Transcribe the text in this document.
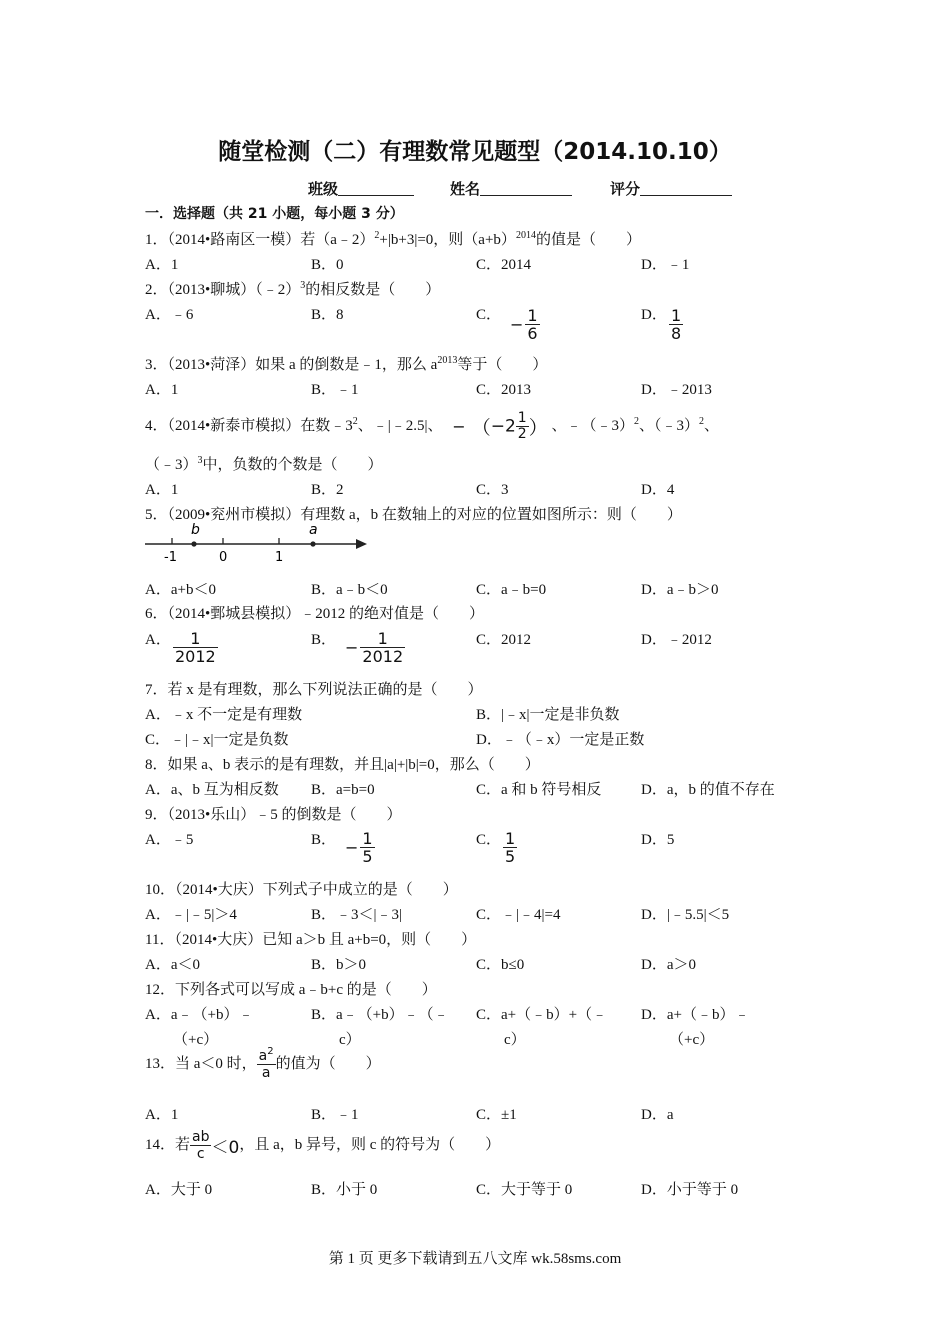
随堂检测（二）有理数常见题型（2014.10.10）
班级	姓名	评分
一．选择题（共 21 小题，每小题 3 分）
1．（2014•路南区一模）若（a﹣2）$^2$+|b+3|=0，则$(a+b)^{2014}$的值是（　　）
A．1	B．0	C．2014	D．﹣1
2．（2013•聊城）（﹣2）$^3$的相反数是（　　）
A．﹣6	B．8	C． − $\frac{1}{6}$	D． $\frac{1}{8}$
3．（2013•菏泽）如果 a 的倒数是﹣1，那么 $a^{2013}$等于（　　）
A．1	B．﹣1	C．2013	D．﹣2013
4．（2014•新泰市模拟）在数$﹣3^2$、﹣|﹣2.5|、 − （$-2 \frac{1}{2}$ ） 、﹣（﹣3）$^2$、（﹣3）$^2$、
（﹣3）$^3$中，负数的个数是（　　）
A．1	B．2	C．3	D．4
5．（2009•兖州市模拟）有理数 a，b 在数轴上的对应的位置如图所示：则（　　）
b	a
-1	0	1
A．a+b＜0	B．a﹣b＜0	C．a﹣b=0	D．a﹣b＞0
6．（2014•鄄城县模拟）﹣2012 的绝对值是（　　）
A． $\frac{1}{2012}$	B． − $\frac{1}{2012}$	C．2012	D．﹣2012
7．若 x 是有理数，那么下列说法正确的是（　　）
A．﹣x 不一定是有理数	B．|﹣x|一定是非负数
C．﹣|﹣x|一定是负数	D．﹣（﹣x）一定是正数
8．如果 a、b 表示的是有理数，并且|a|+|b|=0，那么（　　）
A．a、b 互为相反数 B．a=b=0	C．a 和 b 符号相反	D．a，b 的值不存在
9．（2013•乐山）﹣5 的倒数是（　　）
A．﹣5	B． − $\frac{1}{5}$	C． $\frac{1}{5}$	D．5
10．（2014•大庆）下列式子中成立的是（　　）
A．﹣|﹣5|＞4	B．﹣3＜|﹣3|	C．﹣|﹣4|=4	D．|﹣5.5|＜5
11．（2014•大庆）已知 a＞b 且 a+b=0，则（　　）
A．a＜0	B．b＞0	C．b≤0	D．a＞0
12．下列各式可以写成 a﹣b+c 的是（　　）
A．a﹣（+b）﹣	B．a﹣（+b）﹣（﹣ C．a+（﹣b）+（﹣ D．a+（﹣b）﹣
（+c）	c）	c）	（+c）
13．当 a＜0 时， $\frac{a^2}{a}$ 的值为（　　）
A．1	B．﹣1	C．±1	D．a
14．若 $\frac{ab}{c} <0$，且 a，b 异号，则 c 的符号为（　　）
A．大于 0	B．小于 0	C．大于等于 0	D．小于等于 0
第 1 页 更多下载请到五八文库 wk.58sms.com
